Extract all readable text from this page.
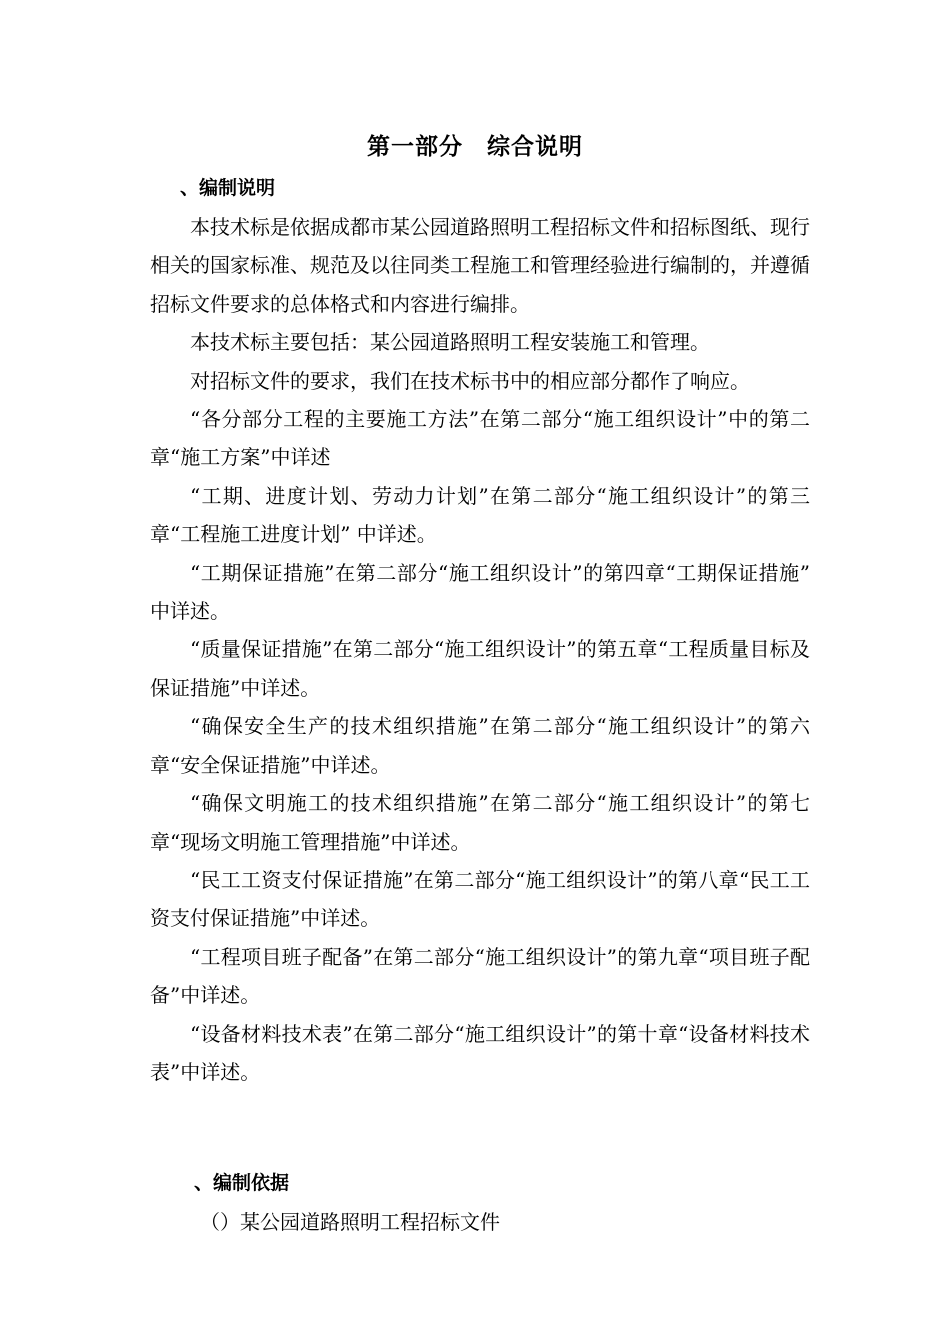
第一部分　综合说明
、编制说明

本技术标是依据成都市某公园道路照明工程招标文件和招标图纸、现行相关的国家标准、规范及以往同类工程施工和管理经验进行编制的，并遵循招标文件要求的总体格式和内容进行编排。

本技术标主要包括：某公园道路照明工程安装施工和管理。

对招标文件的要求，我们在技术标书中的相应部分都作了响应。

“各分部分工程的主要施工方法”在第二部分“施工组织设计”中的第二章“施工方案”中详述

“工期、进度计划、劳动力计划”在第二部分“施工组织设计”的第三章“工程施工进度计划” 中详述。

“工期保证措施”在第二部分“施工组织设计”的第四章“工期保证措施” 中详述。

“质量保证措施”在第二部分“施工组织设计”的第五章“工程质量目标及保证措施”中详述。

“确保安全生产的技术组织措施”在第二部分“施工组织设计”的第六章“安全保证措施”中详述。

“确保文明施工的技术组织措施”在第二部分“施工组织设计”的第七章“现场文明施工管理措施”中详述。

“民工工资支付保证措施”在第二部分“施工组织设计”的第八章“民工工资支付保证措施”中详述。

“工程项目班子配备”在第二部分“施工组织设计”的第九章“项目班子配备”中详述。

“设备材料技术表”在第二部分“施工组织设计”的第十章“设备材料技术表”中详述。

、编制依据
（）某公园道路照明工程招标文件
